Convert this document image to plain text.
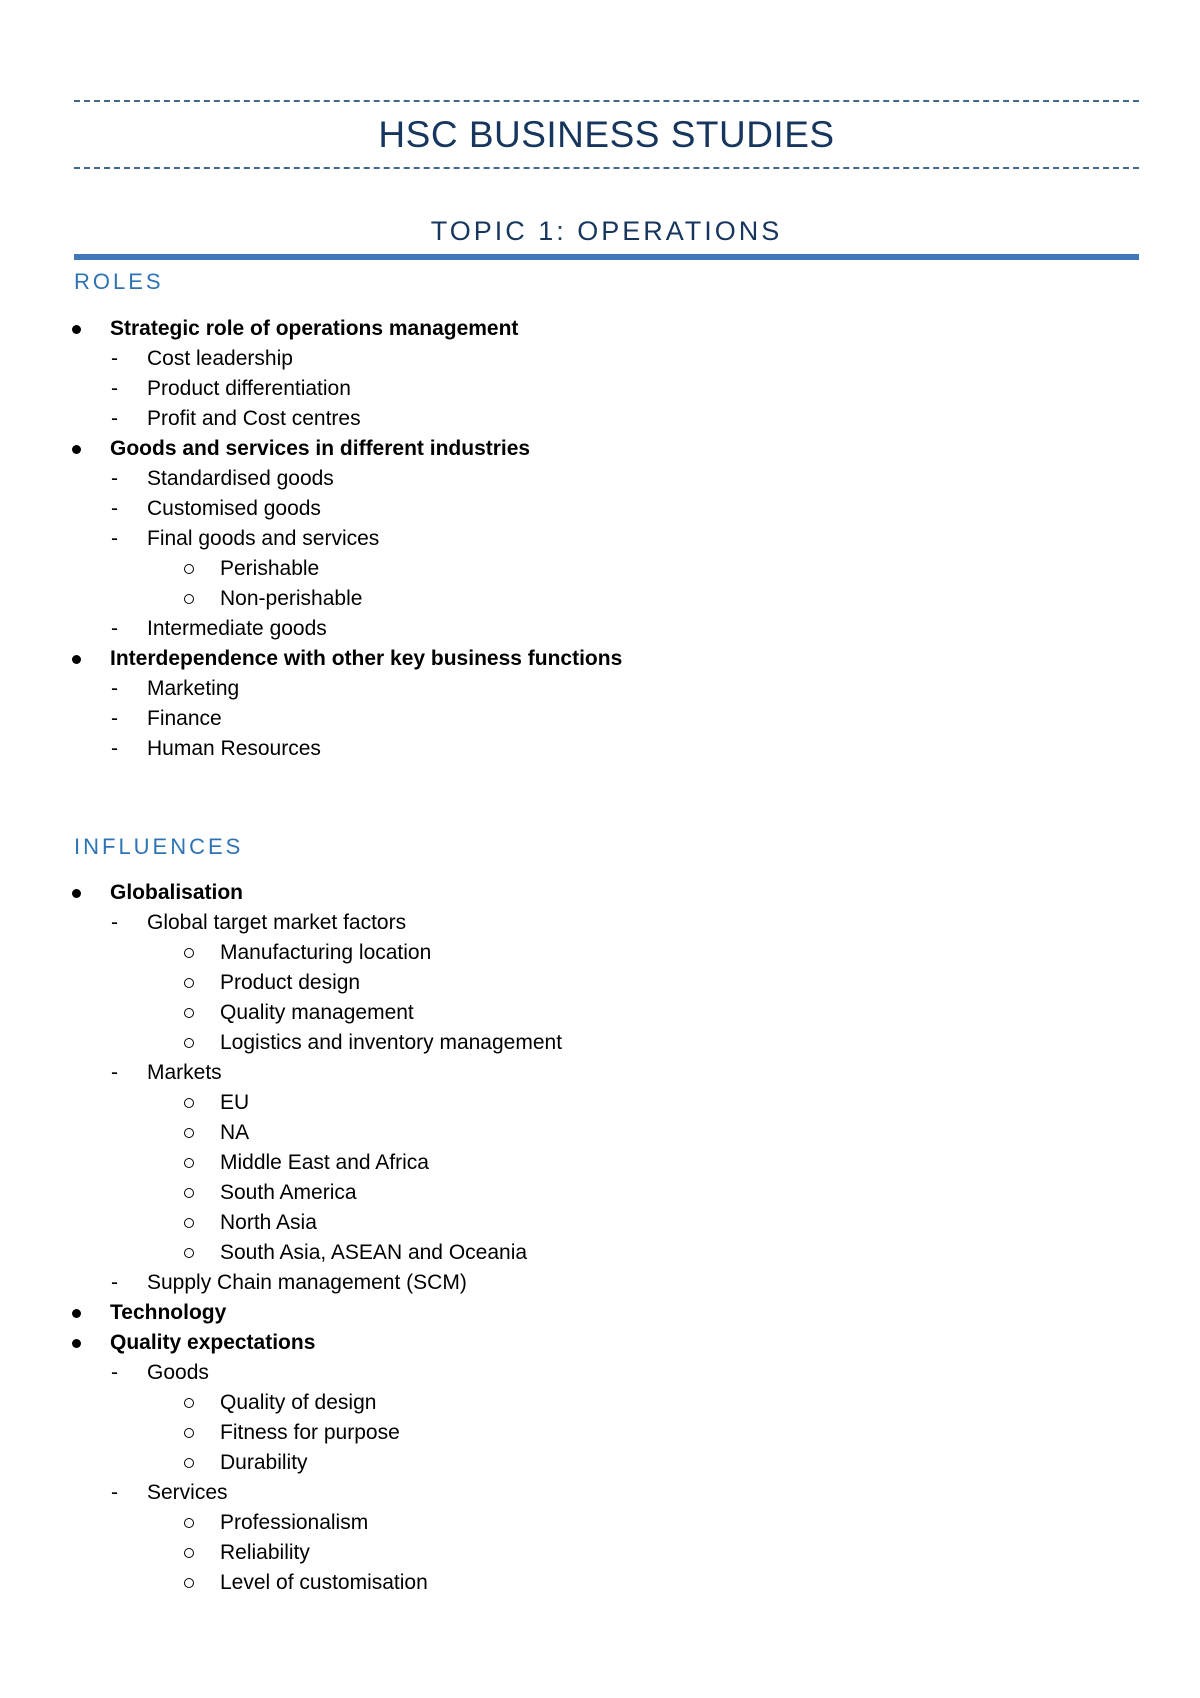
HSC BUSINESS STUDIES
TOPIC 1: OPERATIONS
ROLES
Strategic role of operations management
- Cost leadership
- Product differentiation
- Profit and Cost centres
Goods and services in different industries
- Standardised goods
- Customised goods
- Final goods and services
Perishable
Non-perishable
- Intermediate goods
Interdependence with other key business functions
- Marketing
- Finance
- Human Resources
INFLUENCES
Globalisation
- Global target market factors
Manufacturing location
Product design
Quality management
Logistics and inventory management
- Markets
EU
NA
Middle East and Africa
South America
North Asia
South Asia, ASEAN and Oceania
- Supply Chain management (SCM)
Technology
Quality expectations
- Goods
Quality of design
Fitness for purpose
Durability
- Services
Professionalism
Reliability
Level of customisation
